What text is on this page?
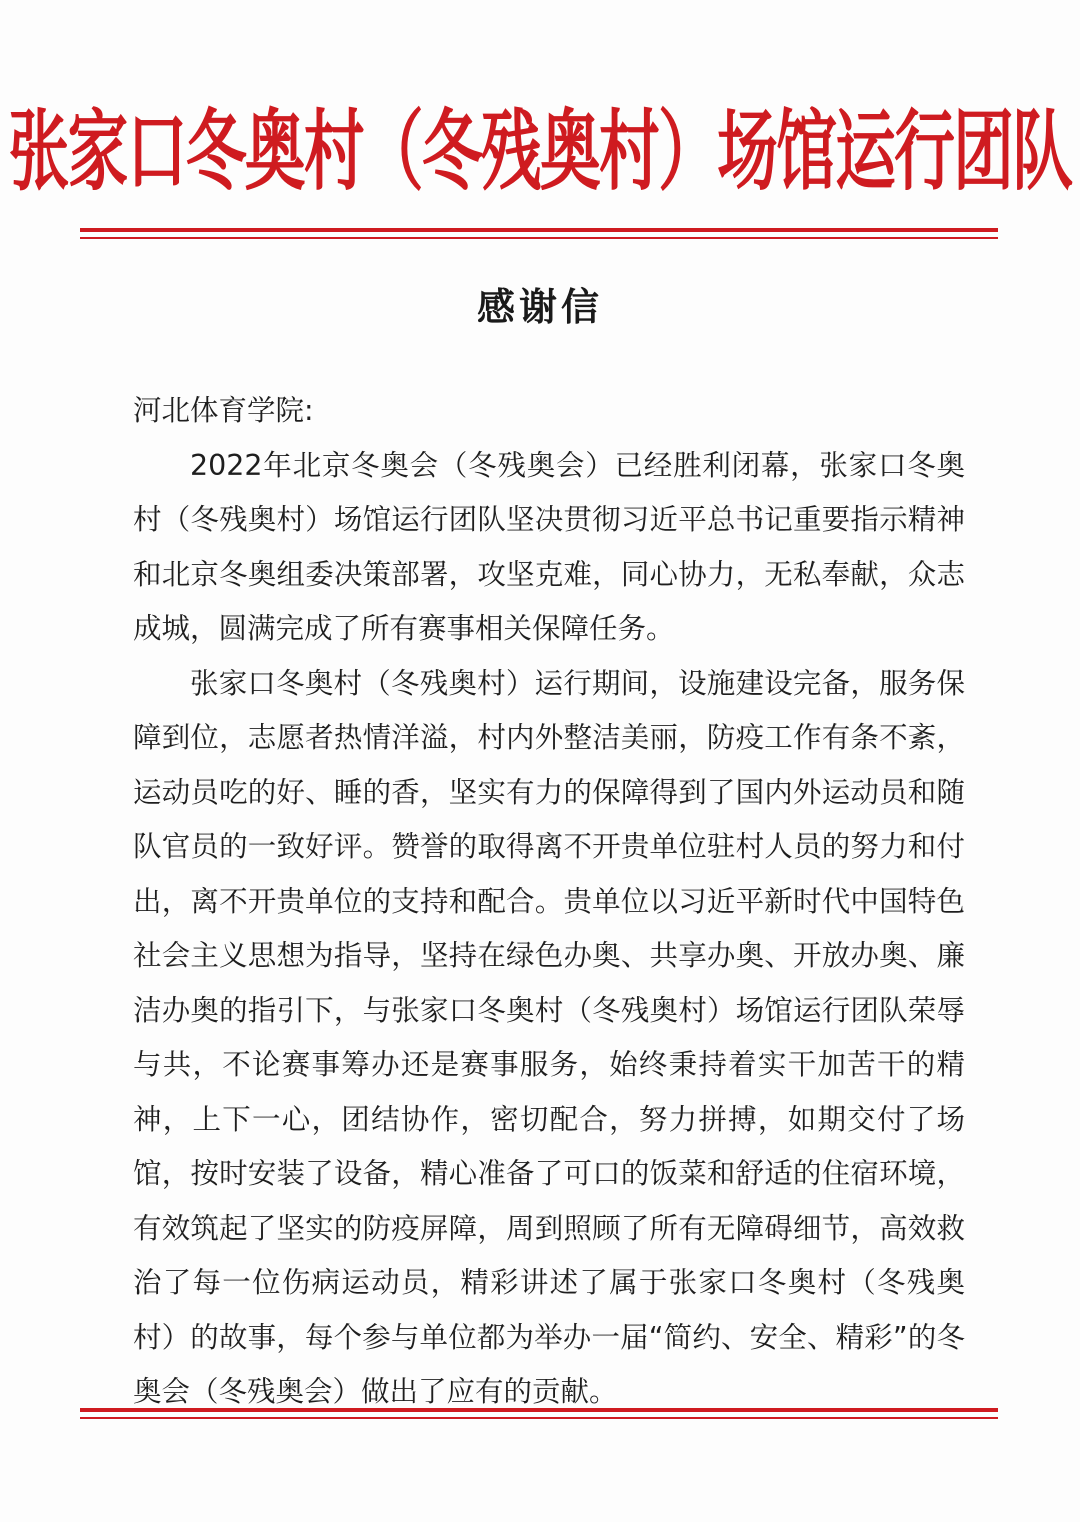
张家口冬奥村（冬残奥村）场馆运行团队
感谢信

河北体育学院:

2022年北京冬奥会（冬残奥会）已经胜利闭幕，张家口冬奥村（冬残奥村）场馆运行团队坚决贯彻习近平总书记重要指示精神和北京冬奥组委决策部署，攻坚克难，同心协力，无私奉献，众志成城，圆满完成了所有赛事相关保障任务。

张家口冬奥村（冬残奥村）运行期间，设施建设完备，服务保障到位，志愿者热情洋溢，村内外整洁美丽，防疫工作有条不紊，运动员吃的好、睡的香，坚实有力的保障得到了国内外运动员和随队官员的一致好评。赞誉的取得离不开贵单位驻村人员的努力和付出，离不开贵单位的支持和配合。贵单位以习近平新时代中国特色社会主义思想为指导，坚持在绿色办奥、共享办奥、开放办奥、廉洁办奥的指引下，与张家口冬奥村（冬残奥村）场馆运行团队荣辱与共，不论赛事筹办还是赛事服务，始终秉持着实干加苦干的精神，上下一心，团结协作，密切配合，努力拼搏，如期交付了场馆，按时安装了设备，精心准备了可口的饭菜和舒适的住宿环境，有效筑起了坚实的防疫屏障，周到照顾了所有无障碍细节，高效救治了每一位伤病运动员，精彩讲述了属于张家口冬奥村（冬残奥村）的故事，每个参与单位都为举办一届“简约、安全、精彩”的冬奥会（冬残奥会）做出了应有的贡献。
